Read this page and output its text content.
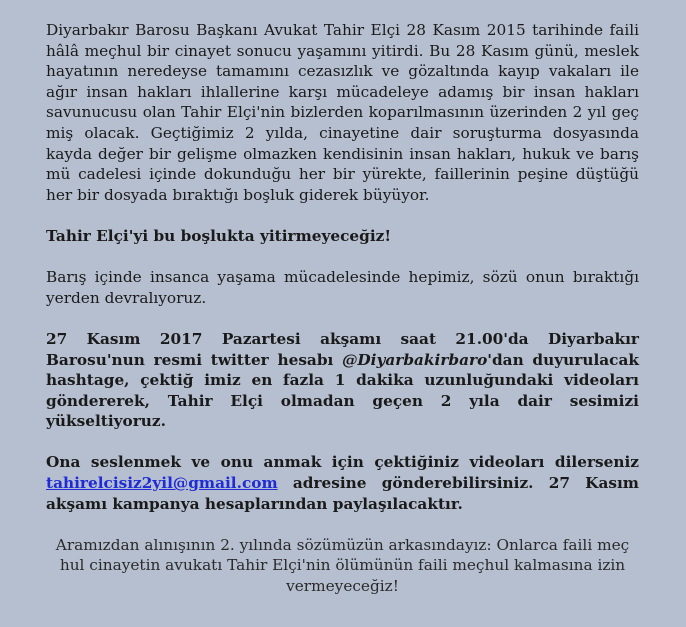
Diyarbakır Barosu Başkanı Avukat Tahir Elçi 28 Kasım 2015 tarihinde faili hâlâ meçhul bir cinayet sonucu yaşamını yitirdi. Bu 28 Kasım günü, meslek hayatının neredeyse tamamını cezasızlık ve gözaltında kayıp vakaları ile ağır insan hakları ihlallerine karşı mücadeleye adamış bir insan hakları savunucusu olan Tahir Elçi'nin bizlerden koparılmasının üzerinden 2 yıl geç miş olacak. Geçtiğimiz 2 yılda, cinayetine dair soruşturma dosyasında kayda değer bir gelişme olmazken kendisinin insan hakları, hukuk ve barış mü cadelesi içinde dokunduğu her bir yürekte, faillerinin peşine düştüğü her bir dosyada bıraktığı boşluk giderek büyüyor.

Tahir Elçi'yi bu boşlukta yitirmeyeceğiz!

Barış içinde insanca yaşama mücadelesinde hepimiz, sözü onun bıraktığı yerden devralıyoruz.

27 Kasım 2017 Pazartesi akşamı saat 21.00'da Diyarbakır Barosu'nun resmi twitter hesabı @Diyarbakirbaro'dan duyurulacak hashtage, çektiğ imiz en fazla 1 dakika uzunluğundaki videoları göndererek, Tahir Elçi olmadan geçen 2 yıla dair sesimizi yükseltiyoruz.

Ona seslenmek ve onu anmak için çektiğiniz videoları dilerseniz tahirelcisiz2yil@gmail.com adresine gönderebilirsiniz. 27 Kasım akşamı kampanya hesaplarından paylaşılacaktır.

Aramızdan alınışının 2. yılında sözümüzün arkasındayız: Onlarca faili meç hul cinayetin avukatı Tahir Elçi'nin ölümünün faili meçhul kalmasına izin vermeyeceğiz!
